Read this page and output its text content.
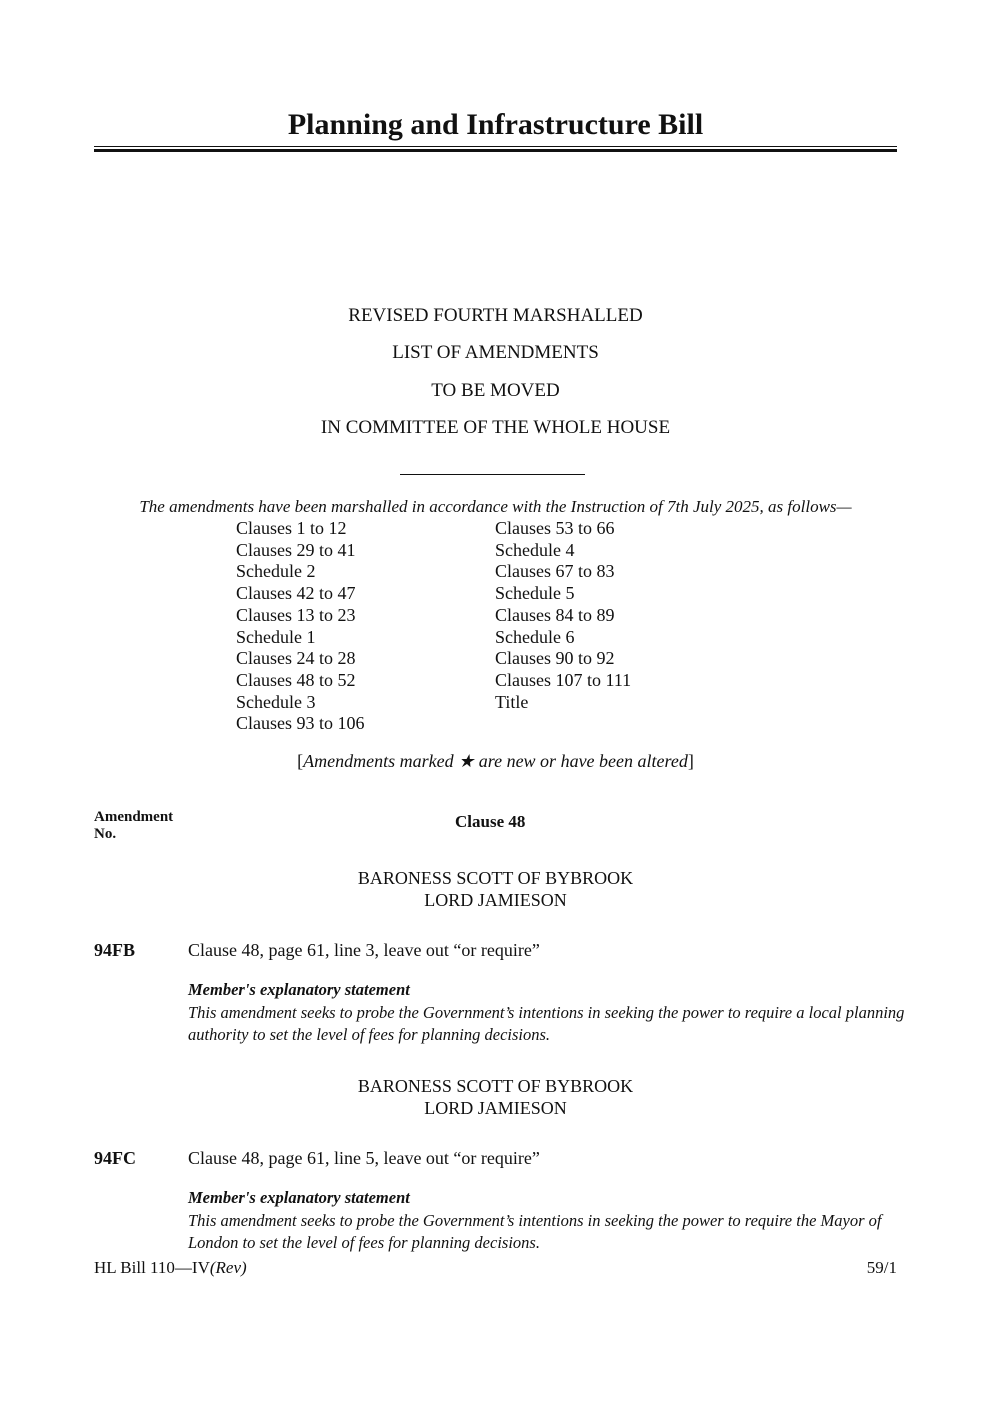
Planning and Infrastructure Bill
REVISED FOURTH MARSHALLED
LIST OF AMENDMENTS
TO BE MOVED
IN COMMITTEE OF THE WHOLE HOUSE
The amendments have been marshalled in accordance with the Instruction of 7th July 2025, as follows—
Clauses 1 to 12
Clauses 29 to 41
Schedule 2
Clauses 42 to 47
Clauses 13 to 23
Schedule 1
Clauses 24 to 28
Clauses 48 to 52
Schedule 3
Clauses 93 to 106
Clauses 53 to 66
Schedule 4
Clauses 67 to 83
Schedule 5
Clauses 84 to 89
Schedule 6
Clauses 90 to 92
Clauses 107 to 111
Title
[Amendments marked ★ are new or have been altered]
Amendment
No.
Clause 48
BARONESS SCOTT OF BYBROOK
LORD JAMIESON
94FB	Clause 48, page 61, line 3, leave out “or require”
Member's explanatory statement
This amendment seeks to probe the Government’s intentions in seeking the power to require a local planning authority to set the level of fees for planning decisions.
BARONESS SCOTT OF BYBROOK
LORD JAMIESON
94FC	Clause 48, page 61, line 5, leave out “or require”
Member's explanatory statement
This amendment seeks to probe the Government’s intentions in seeking the power to require the Mayor of London to set the level of fees for planning decisions.
HL Bill 110—IV(Rev)	59/1
